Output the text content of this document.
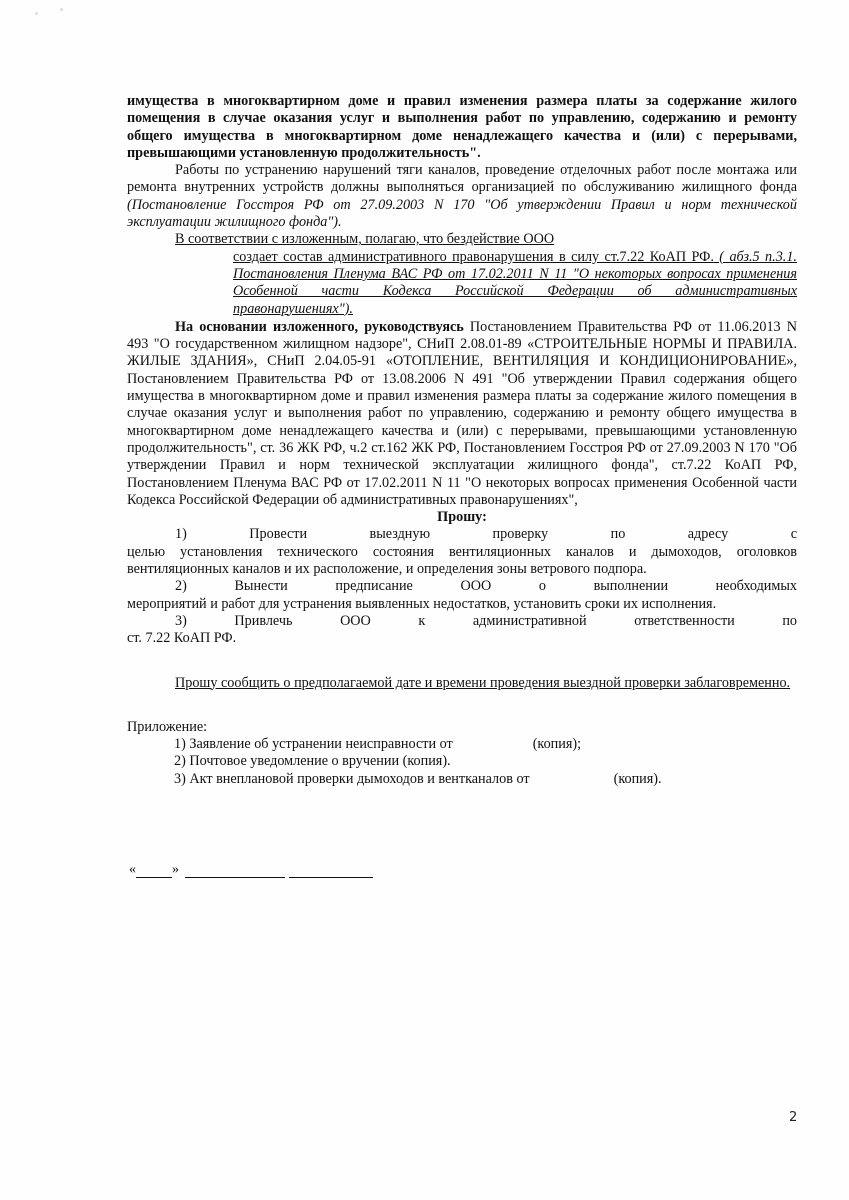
имущества в многоквартирном доме и правил изменения размера платы за содержание жилого помещения в случае оказания услуг и выполнения работ по управлению, содержанию и ремонту общего имущества в многоквартирном доме ненадлежащего качества и (или) с перерывами, превышающими установленную продолжительность".

Работы по устранению нарушений тяги каналов, проведение отделочных работ после монтажа или ремонта внутренних устройств должны выполняться организацией по обслуживанию жилищного фонда (Постановление Госстроя РФ от 27.09.2003 N 170 "Об утверждении Правил и норм технической эксплуатации жилищного фонда").

В соответствии с изложенным, полагаю, что бездействие ООО

создает состав административного правонарушения в силу ст.7.22 КоАП РФ. ( абз.5 п.3.1. Постановления Пленума ВАС РФ от 17.02.2011 N 11 "О некоторых вопросах применения Особенной части Кодекса Российской Федерации об административных правонарушениях").

На основании изложенного, руководствуясь Постановлением Правительства РФ от 11.06.2013 N 493 "О государственном жилищном надзоре", СНиП 2.08.01-89 «СТРОИТЕЛЬНЫЕ НОРМЫ И ПРАВИЛА. ЖИЛЫЕ ЗДАНИЯ», СНиП 2.04.05-91 «ОТОПЛЕНИЕ, ВЕНТИЛЯЦИЯ И КОНДИЦИОНИРОВАНИЕ», Постановлением Правительства РФ от 13.08.2006 N 491 "Об утверждении Правил содержания общего имущества в многоквартирном доме и правил изменения размера платы за содержание жилого помещения в случае оказания услуг и выполнения работ по управлению, содержанию и ремонту общего имущества в многоквартирном доме ненадлежащего качества и (или) с перерывами, превышающими установленную продолжительность", ст. 36 ЖК РФ, ч.2 ст.162 ЖК РФ, Постановлением Госстроя РФ от 27.09.2003 N 170 "Об утверждении Правил и норм технической эксплуатации жилищного фонда", ст.7.22 КоАП РФ, Постановлением Пленума ВАС РФ от 17.02.2011 N 11 "О некоторых вопросах применения Особенной части Кодекса Российской Федерации об административных правонарушениях",

Прошу:

1) Провести выездную проверку по адресу	с

целью установления технического состояния вентиляционных каналов и дымоходов, оголовков вентиляционных каналов и их расположение, и определения зоны ветрового подпора.

2) Вынести предписание ООО	о выполнении необходимых

мероприятий и работ для устранения выявленных недостатков, установить сроки их исполнения.

3) Привлечь ООО	к административной ответственности по

ст. 7.22 КоАП РФ.

Прошу сообщить о предполагаемой дате и времени проведения выездной проверки заблаговременно.

Приложение:

1) Заявление об устранении неисправности от	(копия);

2) Почтовое уведомление о вручении (копия).

3) Акт внеплановой проверки дымоходов и вентканалов от	(копия).

«	»
2
